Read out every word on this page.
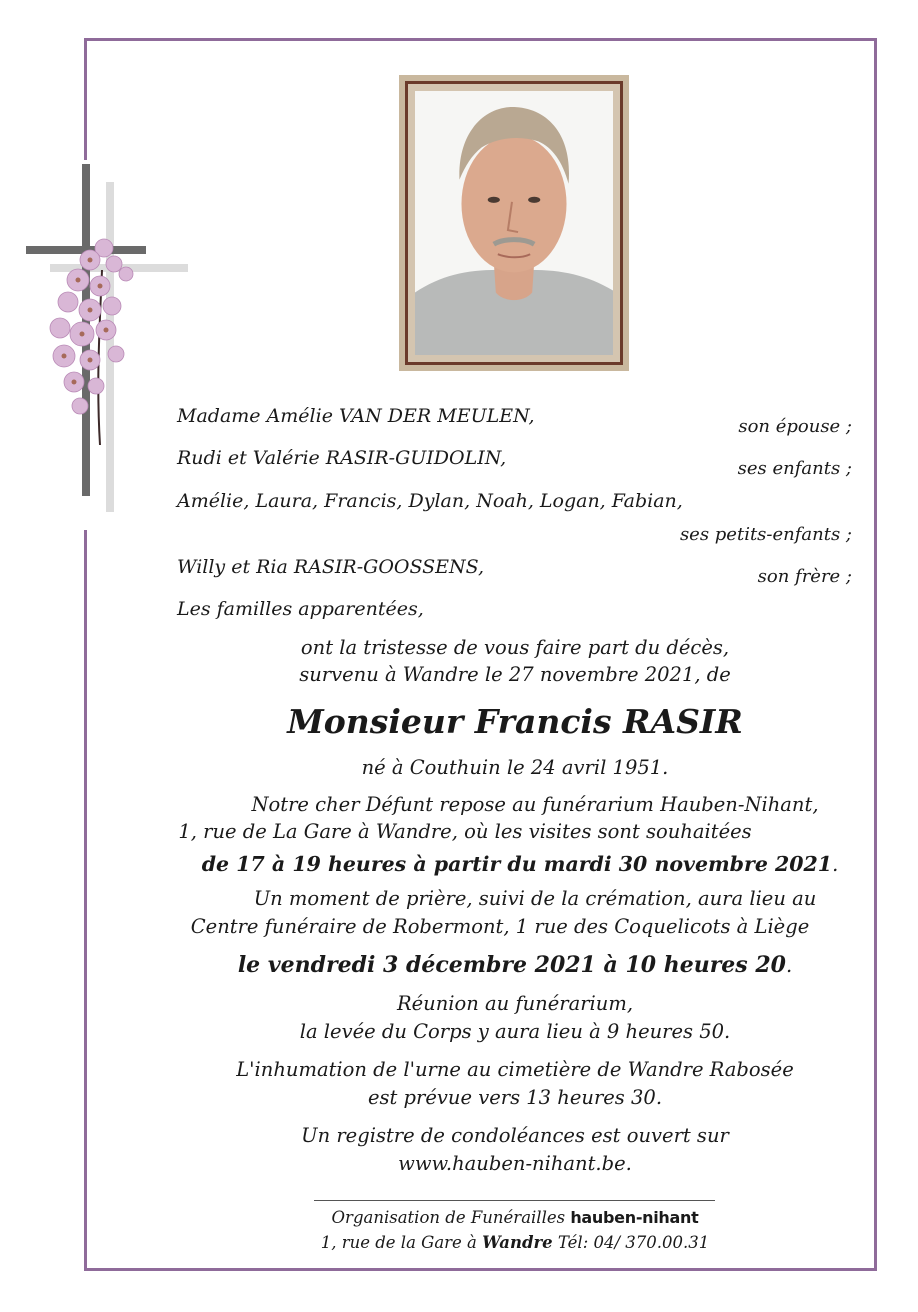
Madame Amélie VAN DER MEULEN,	son épouse ;
Rudi et Valérie RASIR-GUIDOLIN,	ses enfants ;
Amélie, Laura, Francis, Dylan, Noah, Logan, Fabian,
ses petits-enfants ;
Willy et Ria RASIR-GOOSSENS,	son frère ;
Les familles apparentées,
ont la tristesse de vous faire part du décès,
survenu à Wandre le 27 novembre 2021, de
Monsieur Francis RASIR
né à Couthuin le 24 avril 1951.
Notre cher Défunt repose au funérarium Hauben-Nihant,
1, rue de La Gare à Wandre, où les visites sont souhaitées
de 17 à 19 heures à partir du mardi 30 novembre 2021.
Un moment de prière, suivi de la crémation, aura lieu au
Centre funéraire de Robermont, 1 rue des Coquelicots à Liège
le vendredi 3 décembre 2021 à 10 heures 20.
Réunion au funérarium,
la levée du Corps y aura lieu à 9 heures 50.
L'inhumation de l'urne au cimetière de Wandre Rabosée
est prévue vers 13 heures 30.
Un registre de condoléances est ouvert sur
www.hauben-nihant.be.
Organisation de Funérailles hauben-nihant
1, rue de la Gare à Wandre Tél: 04/ 370.00.31
